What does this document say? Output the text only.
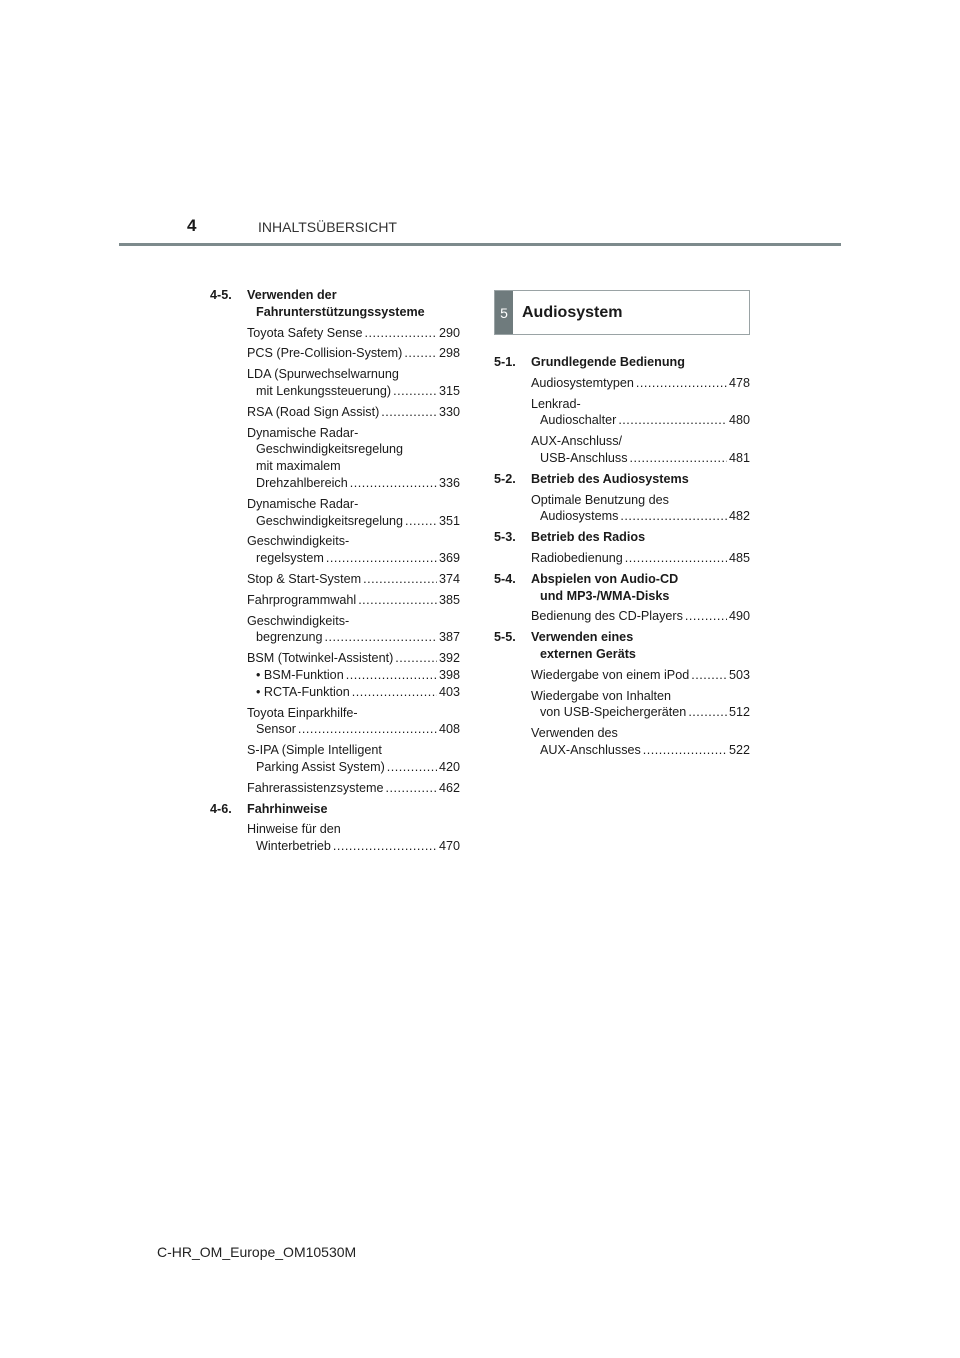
4	INHALTSÜBERSICHT
4-5.	Verwenden der
Fahrunterstützungssysteme
Toyota Safety Sense .....	290
PCS (Pre-Collision-System) .....	298
LDA (Spurwechselwarnung
mit Lenkungssteuerung) .....	315
RSA (Road Sign Assist) .....	330
Dynamische Radar-
Geschwindigkeitsregelung
mit maximalem
Drehzahlbereich .....	336
Dynamische Radar-
Geschwindigkeitsregelung .....	351
Geschwindigkeits-
regelsystem .....	369
Stop & Start-System .....	374
Fahrprogrammwahl .....	385
Geschwindigkeits-
begrenzung .....	387
BSM (Totwinkel-Assistent) .....	392
• BSM-Funktion .....	398
• RCTA-Funktion .....	403
Toyota Einparkhilfe-
Sensor .....	408
S-IPA (Simple Intelligent
Parking Assist System) .....	420
Fahrerassistenzsysteme .....	462
4-6.	Fahrhinweise
Hinweise für den
Winterbetrieb .....	470
5 Audiosystem
5-1.	Grundlegende Bedienung
Audiosystemtypen .....	478
Lenkrad-
Audioschalter .....	480
AUX-Anschluss/
USB-Anschluss .....	481
5-2.	Betrieb des Audiosystems
Optimale Benutzung des
Audiosystems .....	482
5-3.	Betrieb des Radios
Radiobedienung .....	485
5-4.	Abspielen von Audio-CD
und MP3-/WMA-Disks
Bedienung des CD-Players .....	490
5-5.	Verwenden eines
externen Geräts
Wiedergabe von einem iPod .....	503
Wiedergabe von Inhalten
von USB-Speichergeräten .....	512
Verwenden des
AUX-Anschlusses .....	522
C-HR_OM_Europe_OM10530M
